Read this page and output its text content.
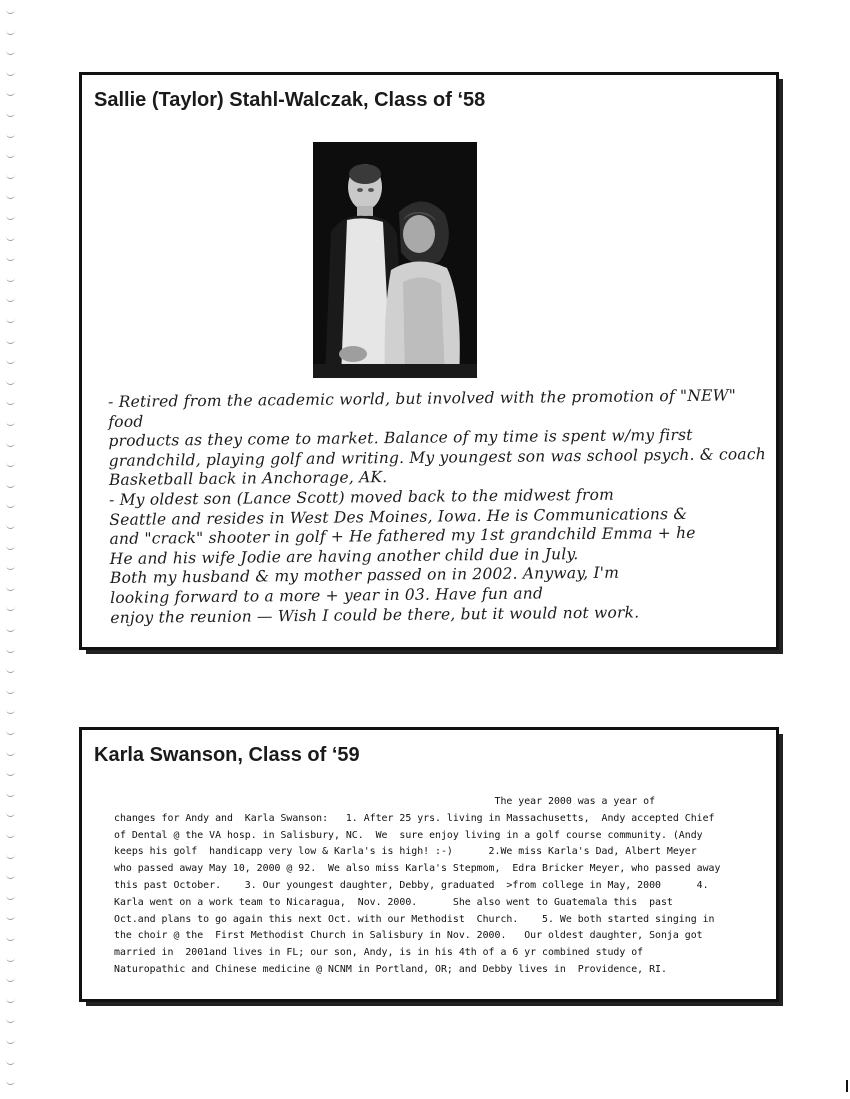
Sallie (Taylor) Stahl-Walczak, Class of ‘58

- Retired from the academic world, but involved with the promotion of "NEW" food

products as they come to market. Balance of my time is spent w/my first

grandchild, playing golf and writing. My youngest son was school psych. & coach

Basketball back in Anchorage, AK.

- My oldest son (Lance Scott) moved back to the midwest from

Seattle and resides in West Des Moines, Iowa. He is Communications &

and "crack" shooter in golf + He fathered my 1st grandchild Emma + he

He and his wife Jodie are having another child due in July.

Both my husband & my mother passed on in 2002. Anyway, I'm

looking forward to a more + year in 03. Have fun and

enjoy the reunion — Wish I could be there, but it would not work.

Karla Swanson, Class of ‘59
The year 2000 was a year of
changes for Andy and  Karla Swanson:   1. After 25 yrs. living in Massachusetts,  Andy accepted Chief
of Dental @ the VA hosp. in Salisbury, NC.  We  sure enjoy living in a golf course community. (Andy
keeps his golf  handicapp very low & Karla's is high! :-)      2.We miss Karla's Dad, Albert Meyer
who passed away May 10, 2000 @ 92.  We also miss Karla's Stepmom,  Edra Bricker Meyer, who passed away
this past October.    3. Our youngest daughter, Debby, graduated  >from college in May, 2000      4.
Karla went on a work team to Nicaragua,  Nov. 2000.      She also went to Guatemala this  past
Oct.and plans to go again this next Oct. with our Methodist  Church.    5. We both started singing in
the choir @ the  First Methodist Church in Salisbury in Nov. 2000.   Our oldest daughter, Sonja got
married in  2001and lives in FL; our son, Andy, is in his 4th of a 6 yr combined study of
Naturopathic and Chinese medicine @ NCNM in Portland, OR; and Debby lives in  Providence, RI.
